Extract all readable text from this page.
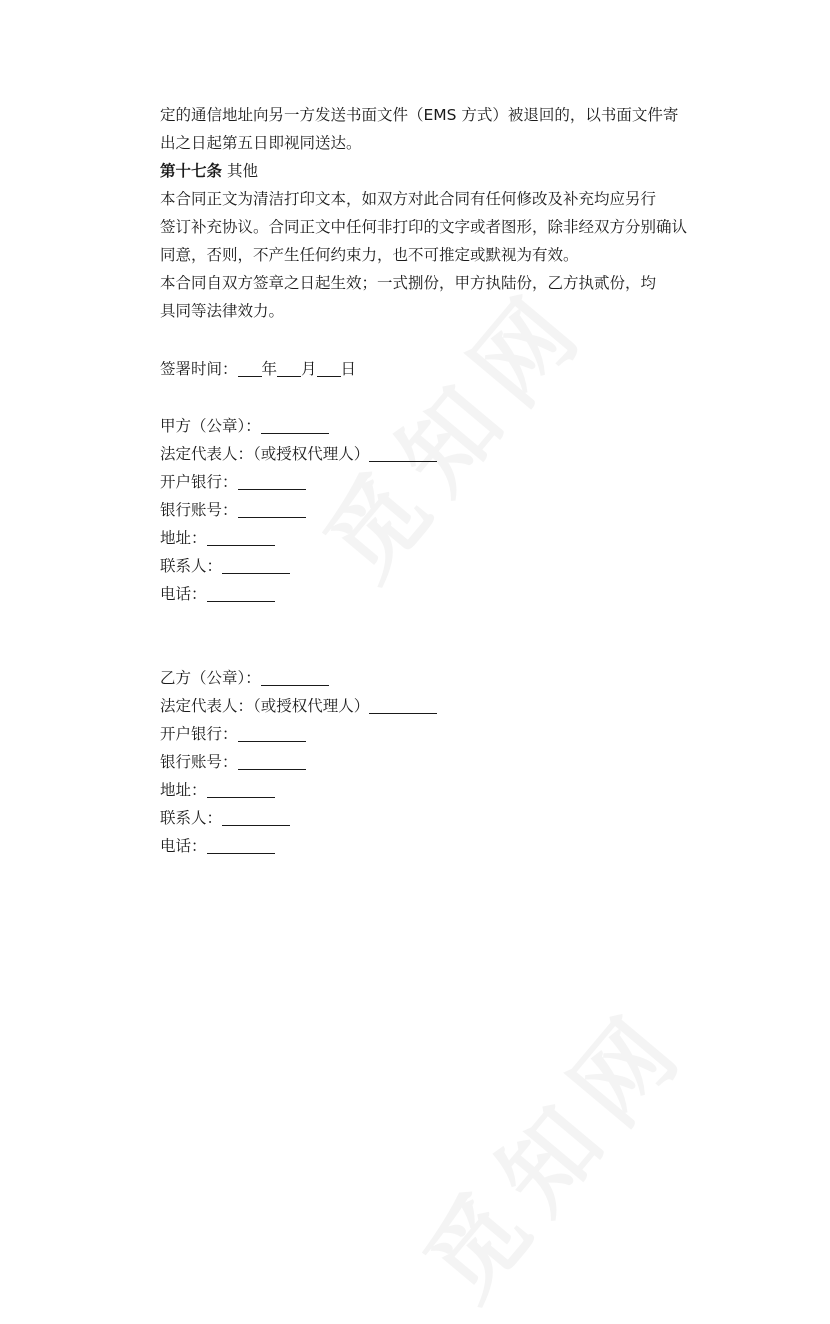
定的通信地址向另一方发送书面文件（EMS 方式）被退回的，以书面文件寄
出之日起第五日即视同送达。
第十七条 其他
本合同正文为清洁打印文本，如双方对此合同有任何修改及补充均应另行
签订补充协议。合同正文中任何非打印的文字或者图形，除非经双方分别确认
同意，否则，不产生任何约束力，也不可推定或默视为有效。
本合同自双方签章之日起生效；一式捌份，甲方执陆份，乙方执贰份，均
具同等法律效力。
签署时间： 年 月 日
甲方（公章）：
法定代表人：（或授权代理人）
开户银行：
银行账号：
地址：
联系人：
电话：
乙方（公章）：
法定代表人：（或授权代理人）
开户银行：
银行账号：
地址：
联系人：
电话：
